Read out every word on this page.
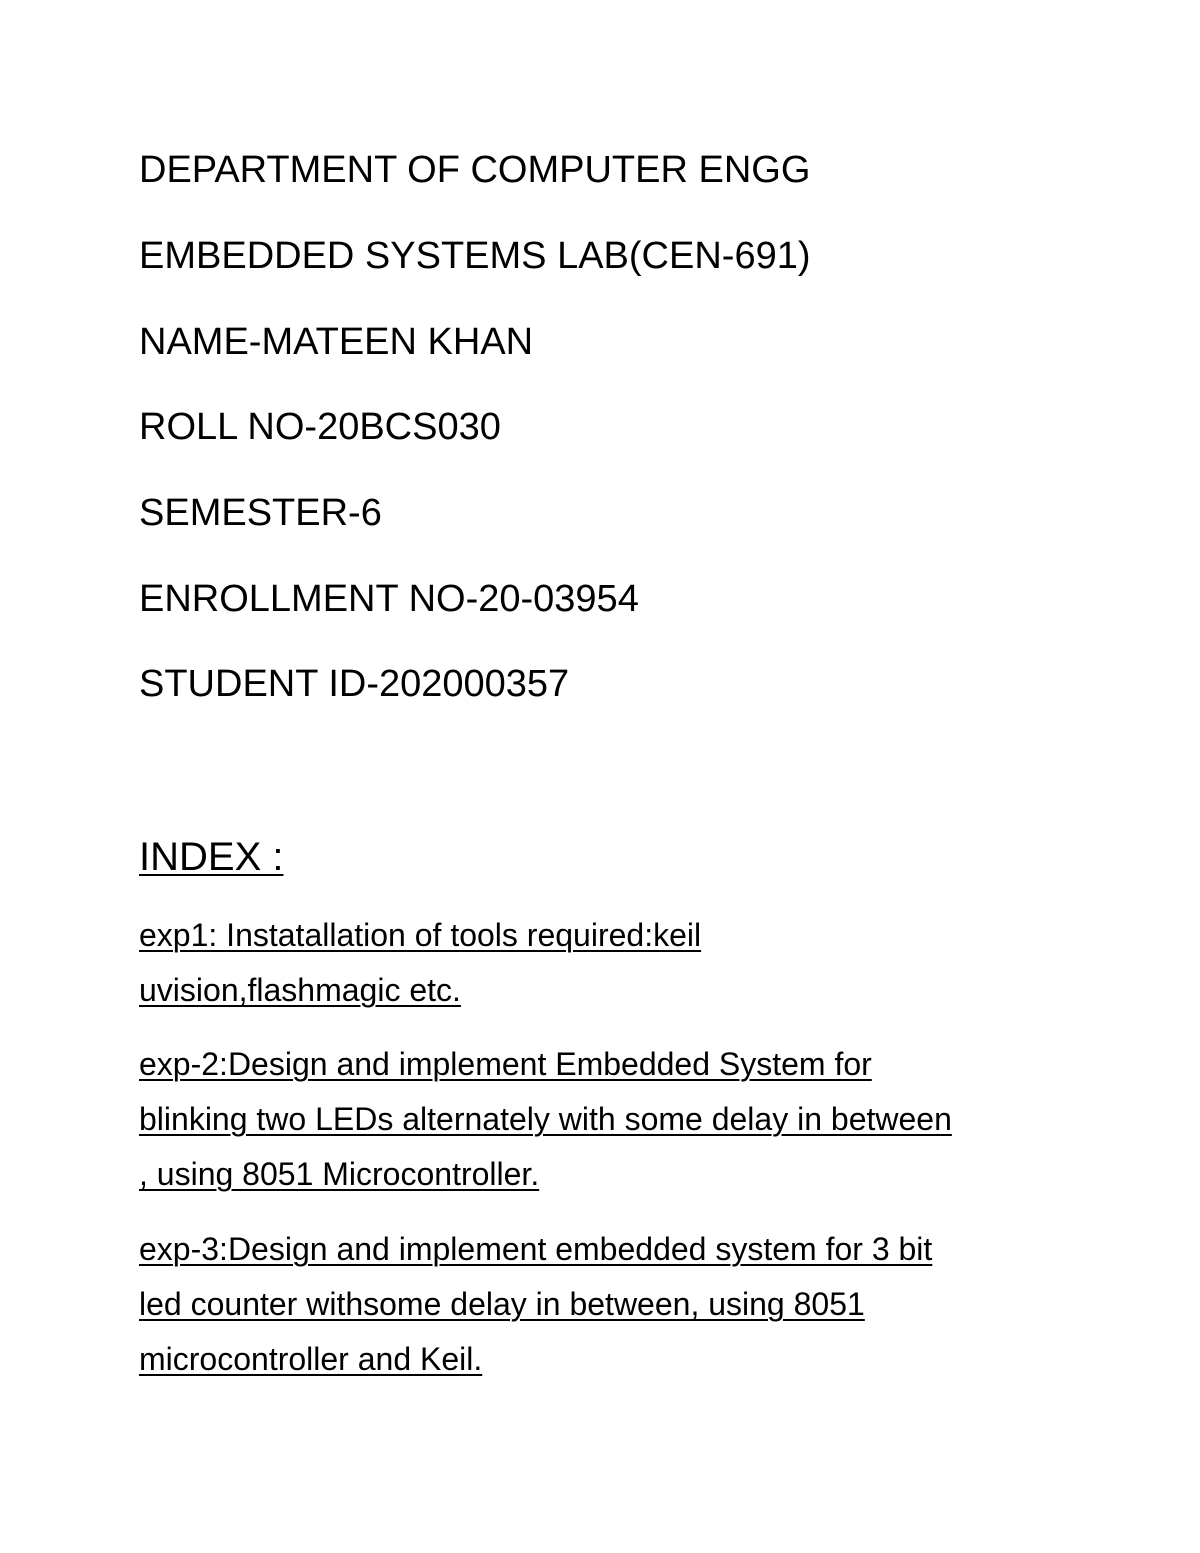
DEPARTMENT OF COMPUTER ENGG
EMBEDDED SYSTEMS LAB(CEN-691)
NAME-MATEEN KHAN
ROLL NO-20BCS030
SEMESTER-6
ENROLLMENT NO-20-03954
STUDENT ID-202000357
INDEX :
exp1: Instatallation of tools required:keil
uvision,flashmagic etc.
exp-2:Design and implement Embedded System for
blinking two LEDs alternately with some delay in between
, using 8051 Microcontroller.
exp-3:Design and implement embedded system for 3 bit
led counter withsome delay in between, using 8051
microcontroller and Keil.
